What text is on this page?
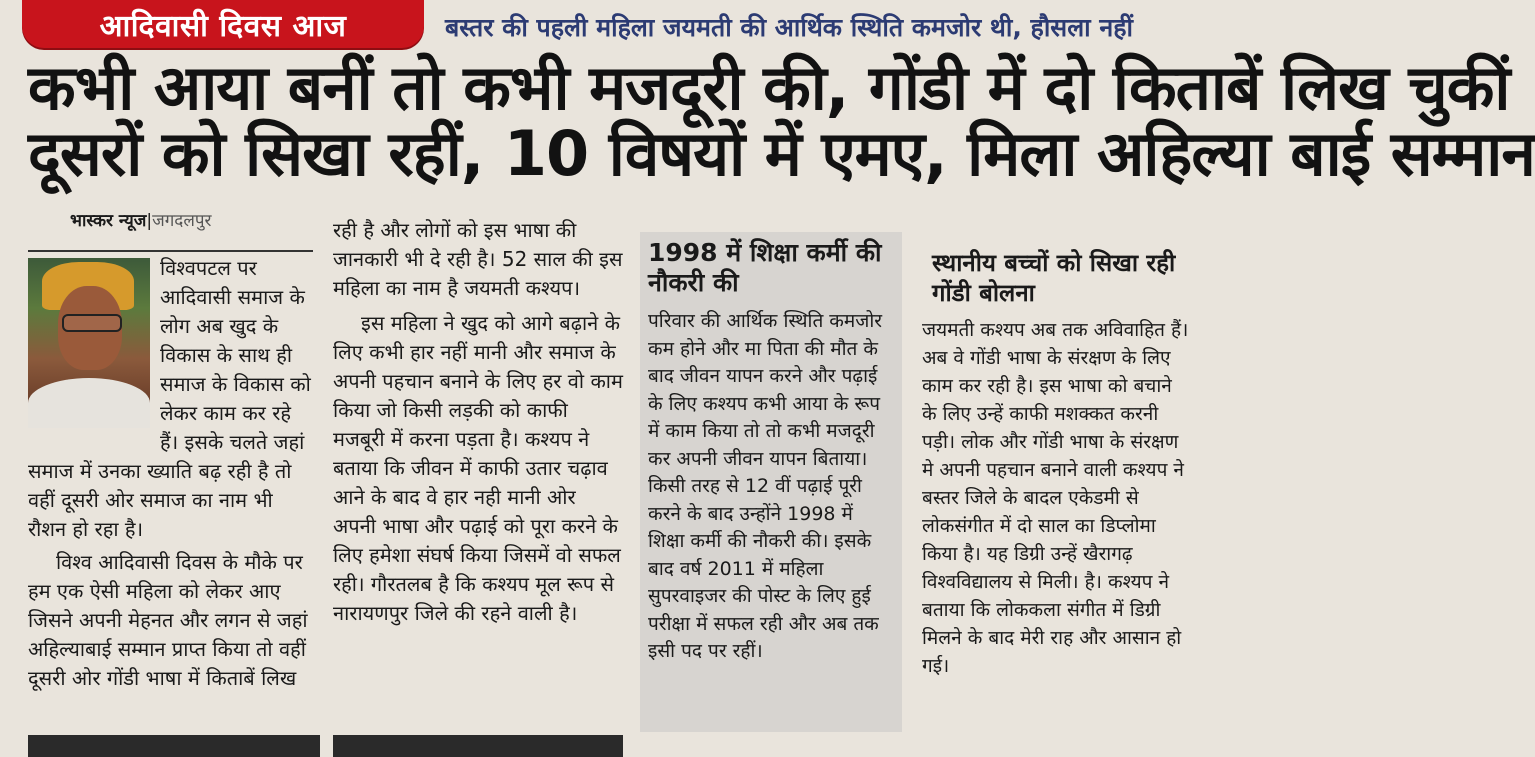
आदिवासी दिवस आज	बस्तर की पहली महिला जयमती की आर्थिक स्थिति कमजोर थी, हौसला नहीं
कभी आया बनीं तो कभी मजदूरी की, गोंडी में दो किताबें लिख चुकीं
दूसरों को सिखा रहीं, 10 विषयों में एमए, मिला अहिल्या बाई सम्मान
भास्कर न्यूज|जगदलपुर

विश्वपटल पर आदिवासी समाज के लोग अब खुद के विकास के साथ ही समाज के विकास को लेकर काम कर रहे हैं। इसके चलते जहां समाज में उनका ख्याति बढ़ रही है तो वहीं दूसरी ओर समाज का नाम भी रौशन हो रहा है।

विश्व आदिवासी दिवस के मौके पर हम एक ऐसी महिला को लेकर आए जिसने अपनी मेहनत और लगन से जहां अहिल्याबाई सम्मान प्राप्त किया तो वहीं दूसरी ओर गोंडी भाषा में किताबें लिख

रही है और लोगों को इस भाषा की जानकारी भी दे रही है। 52 साल की इस महिला का नाम है जयमती कश्यप।

इस महिला ने खुद को आगे बढ़ाने के लिए कभी हार नहीं मानी और समाज के अपनी पहचान बनाने के लिए हर वो काम किया जो किसी लड़की को काफी मजबूरी में करना पड़ता है। कश्यप ने बताया कि जीवन में काफी उतार चढ़ाव आने के बाद वे हार नही मानी ओर अपनी भाषा और पढ़ाई को पूरा करने के लिए हमेशा संघर्ष किया जिसमें वो सफल रही। गौरतलब है कि कश्यप मूल रूप से नारायणपुर जिले की रहने वाली है।

1998 में शिक्षा कर्मी की नौकरी की
परिवार की आर्थिक स्थिति कमजोर कम होने और मा पिता की मौत के बाद जीवन यापन करने और पढ़ाई के लिए कश्यप कभी आया के रूप में काम किया तो तो कभी मजदूरी कर अपनी जीवन यापन बिताया। किसी तरह से 12 वीं पढ़ाई पूरी करने के बाद उन्होंने 1998 में शिक्षा कर्मी की नौकरी की। इसके बाद वर्ष 2011 में महिला सुपरवाइजर की पोस्ट के लिए हुई परीक्षा में सफल रही और अब तक इसी पद पर रहीं।
स्थानीय बच्चों को सिखा रही गोंडी बोलना
जयमती कश्यप अब तक अविवाहित हैं। अब वे गोंडी भाषा के संरक्षण के लिए काम कर रही है। इस भाषा को बचाने के लिए उन्हें काफी मशक्कत करनी पड़ी। लोक और गोंडी भाषा के संरक्षण मे अपनी पहचान बनाने वाली कश्यप ने बस्तर जिले के बादल एकेडमी से लोकसंगीत में दो साल का डिप्लोमा किया है। यह डिग्री उन्हें खैरागढ़ विश्वविद्यालय से मिली। है। कश्यप ने बताया कि लोककला संगीत में डिग्री मिलने के बाद मेरी राह और आसान हो गई।
